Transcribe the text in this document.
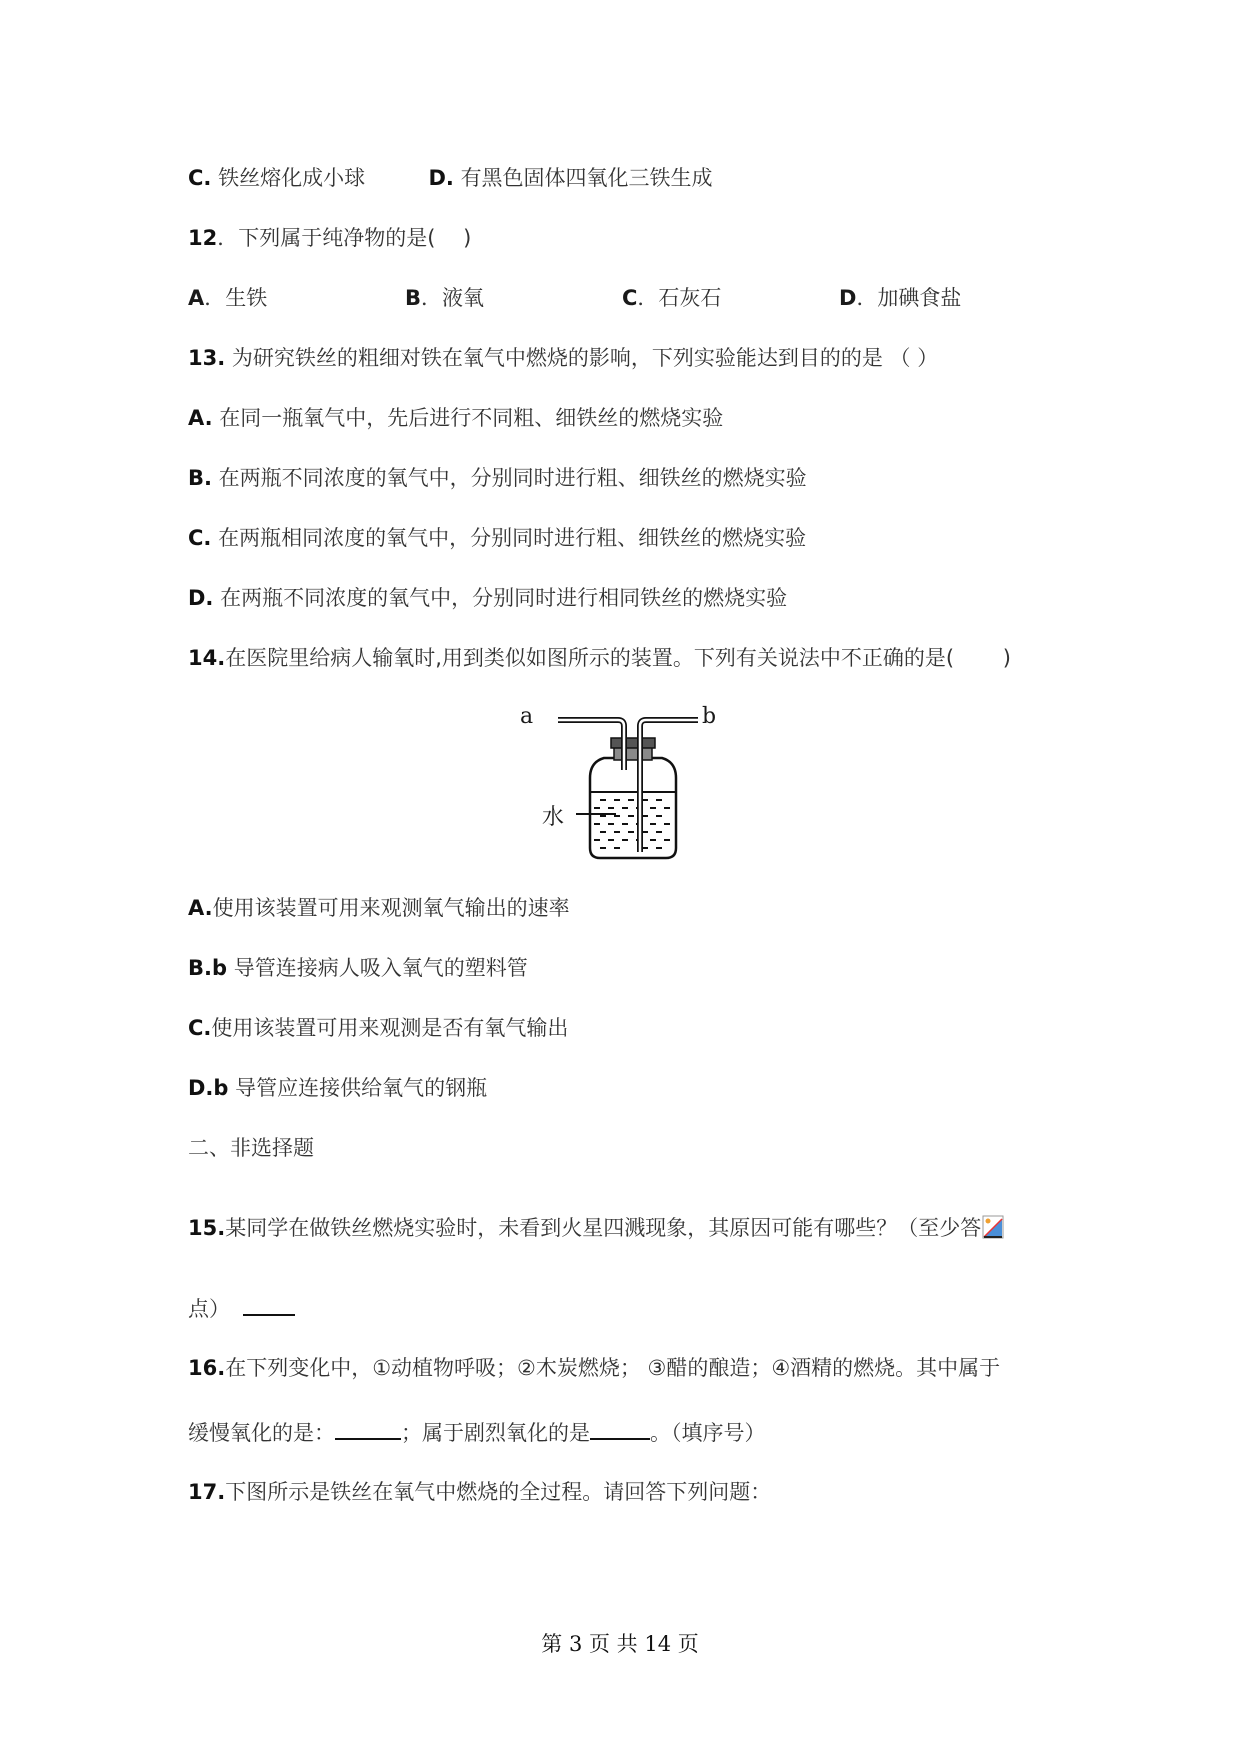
C. 铁丝熔化成小球	D. 有黑色固体四氧化三铁生成
12．下列属于纯净物的是(　 )
A．生铁	B．液氧	C．石灰石	D．加碘食盐
13. 为研究铁丝的粗细对铁在氧气中燃烧的影响，下列实验能达到目的的是 （ ）
A. 在同一瓶氧气中，先后进行不同粗、细铁丝的燃烧实验
B. 在两瓶不同浓度的氧气中，分别同时进行粗、细铁丝的燃烧实验
C. 在两瓶相同浓度的氧气中，分别同时进行粗、细铁丝的燃烧实验
D. 在两瓶不同浓度的氧气中，分别同时进行相同铁丝的燃烧实验
14.在医院里给病人输氧时,用到类似如图所示的装置。下列有关说法中不正确的是(　　 )
a	b
水
A.使用该装置可用来观测氧气输出的速率
B.b 导管连接病人吸入氧气的塑料管
C.使用该装置可用来观测是否有氧气输出
D.b 导管应连接供给氧气的钢瓶
二、非选择题
15.某同学在做铁丝燃烧实验时，未看到火星四溅现象，其原因可能有哪些？（至少答
点）
16.在下列变化中，①动植物呼吸；②木炭燃烧； ③醋的酿造；④酒精的燃烧。其中属于
缓慢氧化的是：	；属于剧烈氧化的是	。（填序号）
17.下图所示是铁丝在氧气中燃烧的全过程。请回答下列问题：
第 3 页 共 14 页
